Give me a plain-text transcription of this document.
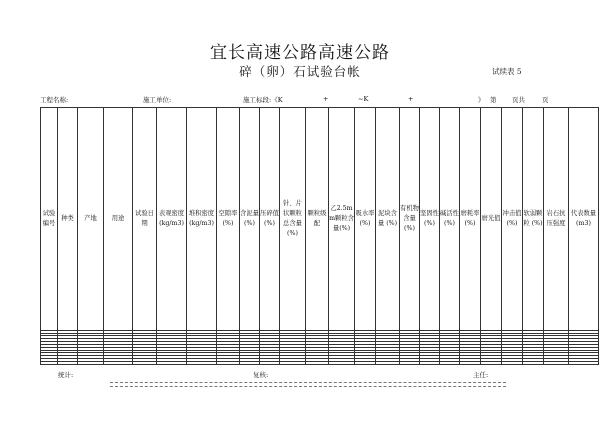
宜长高速公路高速公路
碎（卵）石试验台帐	试续表 5
工程名称:	施工单位:	施工标段:《K	+	~K	+	》 第 页共	页
试验编号	种类	产地	用途	试验日期	表观密度 (kg/m3)	堆积密度 (kg/m3)	空隙率 (%)	含泥量 (%)	压碎值 (%)	针、片状颗粒总含量 (%)	颗粒级配	乙2.5mm颗粒含量(%)	吸水率 (%)	泥块含量 (%)	有机物含量 (%)	坚固性 (%)	碱活性 (%)	磨耗率 (%)	磨光值	冲击值 (%)	软弱颗粒 (%)	岩石抗压强度	代表数量 (m3)

统计:	复核:	主任:
